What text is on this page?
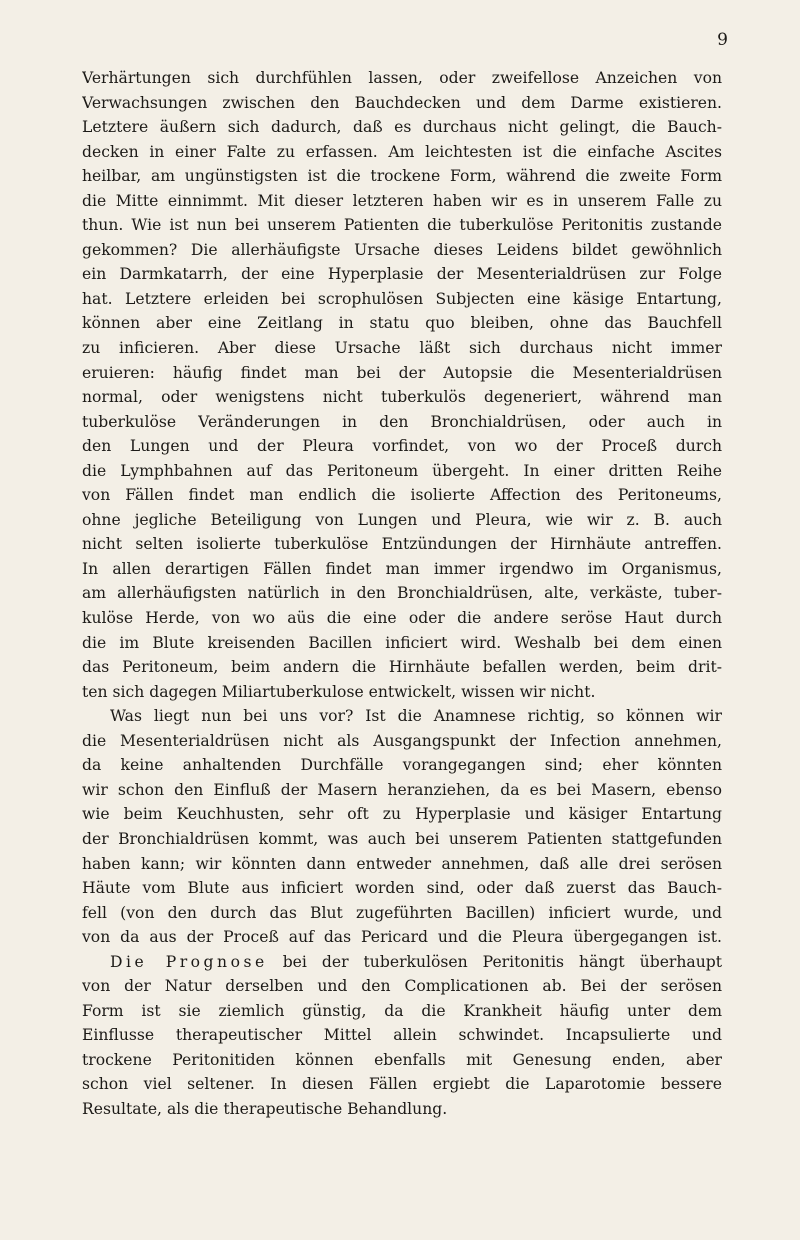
9
Verhärtungen sich durchfühlen lassen, oder zweifellose Anzeichen von
Verwachsungen zwischen den Bauchdecken und dem Darme existieren.
Letztere äußern sich dadurch, daß es durchaus nicht gelingt, die Bauch-
decken in einer Falte zu erfassen. Am leichtesten ist die einfache Ascites
heilbar, am ungünstigsten ist die trockene Form, während die zweite Form
die Mitte einnimmt. Mit dieser letzteren haben wir es in unserem Falle zu
thun. Wie ist nun bei unserem Patienten die tuberkulöse Peritonitis zustande
gekommen? Die allerhäufigste Ursache dieses Leidens bildet gewöhnlich
ein Darmkatarrh, der eine Hyperplasie der Mesenterialdrüsen zur Folge
hat. Letztere erleiden bei scrophulösen Subjecten eine käsige Entartung,
können aber eine Zeitlang in statu quo bleiben, ohne das Bauchfell
zu inficieren. Aber diese Ursache läßt sich durchaus nicht immer
eruieren: häufig findet man bei der Autopsie die Mesenterialdrüsen
normal, oder wenigstens nicht tuberkulös degeneriert, während man
tuberkulöse Veränderungen in den Bronchialdrüsen, oder auch in
den Lungen und der Pleura vorfindet, von wo der Proceß durch
die Lymphbahnen auf das Peritoneum übergeht. In einer dritten Reihe
von Fällen findet man endlich die isolierte Affection des Peritoneums,
ohne jegliche Beteiligung von Lungen und Pleura, wie wir z. B. auch
nicht selten isolierte tuberkulöse Entzündungen der Hirnhäute antreffen.
In allen derartigen Fällen findet man immer irgendwo im Organismus,
am allerhäufigsten natürlich in den Bronchialdrüsen, alte, verkäste, tuber-
kulöse Herde, von wo aüs die eine oder die andere seröse Haut durch
die im Blute kreisenden Bacillen inficiert wird. Weshalb bei dem einen
das Peritoneum, beim andern die Hirnhäute befallen werden, beim drit-
ten sich dagegen Miliartuberkulose entwickelt, wissen wir nicht.
Was liegt nun bei uns vor? Ist die Anamnese richtig, so können wir
die Mesenterialdrüsen nicht als Ausgangspunkt der Infection annehmen,
da keine anhaltenden Durchfälle vorangegangen sind; eher könnten
wir schon den Einfluß der Masern heranziehen, da es bei Masern, ebenso
wie beim Keuchhusten, sehr oft zu Hyperplasie und käsiger Entartung
der Bronchialdrüsen kommt, was auch bei unserem Patienten stattgefunden
haben kann; wir könnten dann entweder annehmen, daß alle drei serösen
Häute vom Blute aus inficiert worden sind, oder daß zuerst das Bauch-
fell (von den durch das Blut zugeführten Bacillen) inficiert wurde, und
von da aus der Proceß auf das Pericard und die Pleura übergegangen ist.
Die Prognose bei der tuberkulösen Peritonitis hängt überhaupt
von der Natur derselben und den Complicationen ab. Bei der serösen
Form ist sie ziemlich günstig, da die Krankheit häufig unter dem
Einflusse therapeutischer Mittel allein schwindet. Incapsulierte und
trockene Peritonitiden können ebenfalls mit Genesung enden, aber
schon viel seltener. In diesen Fällen ergiebt die Laparotomie bessere
Resultate, als die therapeutische Behandlung.
